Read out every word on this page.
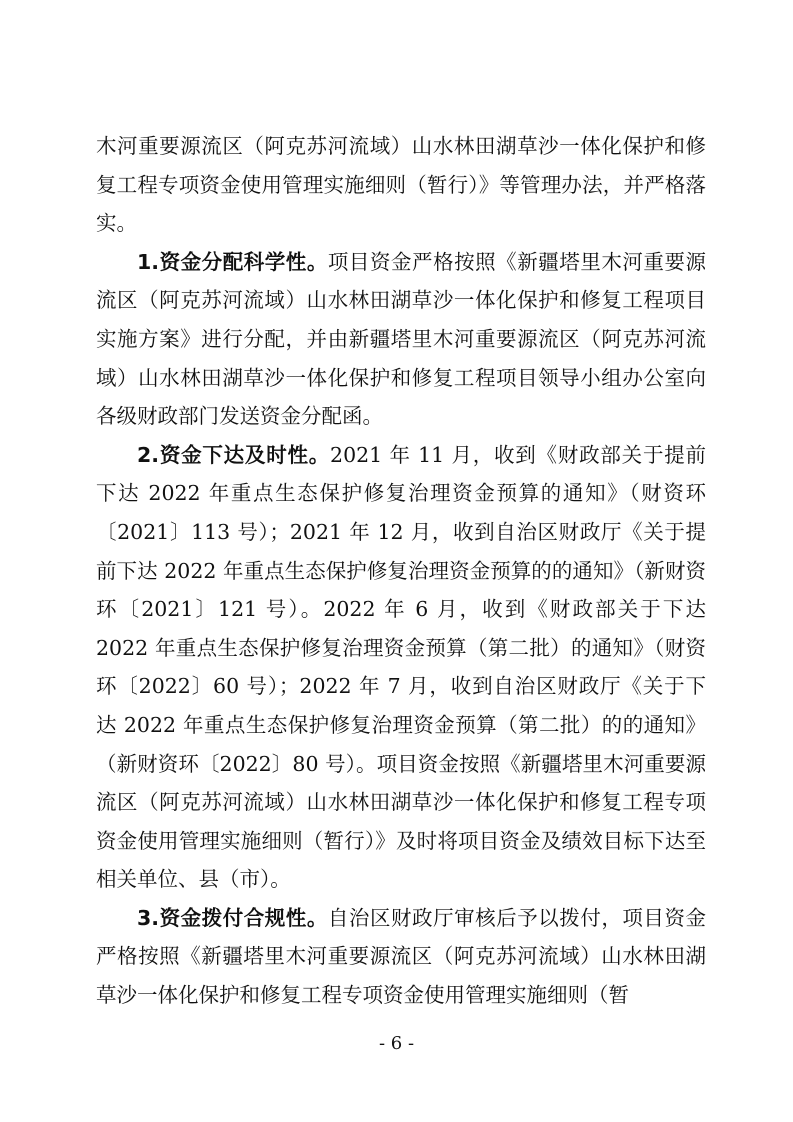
木河重要源流区（阿克苏河流域）山水林田湖草沙一体化保护和修复工程专项资金使用管理实施细则（暂行）》等管理办法，并严格落实。

1.资金分配科学性。项目资金严格按照《新疆塔里木河重要源流区（阿克苏河流域）山水林田湖草沙一体化保护和修复工程项目实施方案》进行分配，并由新疆塔里木河重要源流区（阿克苏河流域）山水林田湖草沙一体化保护和修复工程项目领导小组办公室向各级财政部门发送资金分配函。

2.资金下达及时性。2021 年 11 月，收到《财政部关于提前下达 2022 年重点生态保护修复治理资金预算的通知》（财资环〔2021〕113 号）；2021 年 12 月，收到自治区财政厅《关于提前下达 2022 年重点生态保护修复治理资金预算的的通知》（新财资环〔2021〕121 号）。2022 年 6 月，收到《财政部关于下达 2022 年重点生态保护修复治理资金预算（第二批）的通知》（财资环〔2022〕60 号）；2022 年 7 月，收到自治区财政厅《关于下达 2022 年重点生态保护修复治理资金预算（第二批）的的通知》（新财资环〔2022〕80 号）。项目资金按照《新疆塔里木河重要源流区（阿克苏河流域）山水林田湖草沙一体化保护和修复工程专项资金使用管理实施细则（暂行）》及时将项目资金及绩效目标下达至相关单位、县（市）。

3.资金拨付合规性。自治区财政厅审核后予以拨付，项目资金严格按照《新疆塔里木河重要源流区（阿克苏河流域）山水林田湖草沙一体化保护和修复工程专项资金使用管理实施细则（暂

- 6 -
